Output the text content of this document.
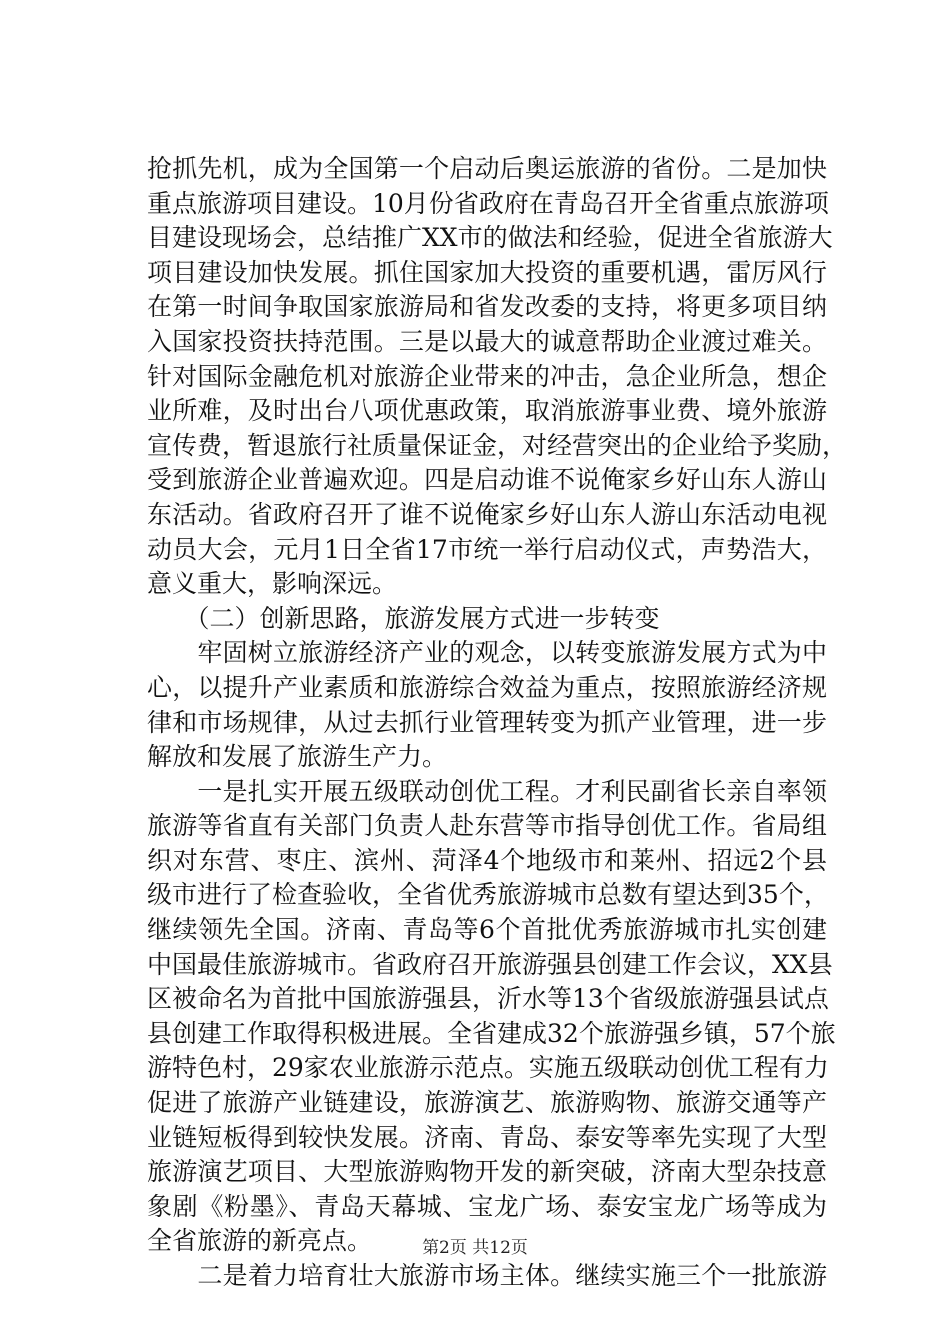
抢抓先机，成为全国第一个启动后奥运旅游的省份。二是加快
重点旅游项目建设。10月份省政府在青岛召开全省重点旅游项
目建设现场会，总结推广XX市的做法和经验，促进全省旅游大
项目建设加快发展。抓住国家加大投资的重要机遇，雷厉风行
在第一时间争取国家旅游局和省发改委的支持，将更多项目纳
入国家投资扶持范围。三是以最大的诚意帮助企业渡过难关。
针对国际金融危机对旅游企业带来的冲击，急企业所急，想企
业所难，及时出台八项优惠政策，取消旅游事业费、境外旅游
宣传费，暂退旅行社质量保证金，对经营突出的企业给予奖励，
受到旅游企业普遍欢迎。四是启动谁不说俺家乡好山东人游山
东活动。省政府召开了谁不说俺家乡好山东人游山东活动电视
动员大会，元月1日全省17市统一举行启动仪式，声势浩大，
意义重大，影响深远。
　　（二）创新思路，旅游发展方式进一步转变
　　牢固树立旅游经济产业的观念，以转变旅游发展方式为中
心，以提升产业素质和旅游综合效益为重点，按照旅游经济规
律和市场规律，从过去抓行业管理转变为抓产业管理，进一步
解放和发展了旅游生产力。
　　一是扎实开展五级联动创优工程。才利民副省长亲自率领
旅游等省直有关部门负责人赴东营等市指导创优工作。省局组
织对东营、枣庄、滨州、菏泽4个地级市和莱州、招远2个县
级市进行了检查验收，全省优秀旅游城市总数有望达到35个，
继续领先全国。济南、青岛等6个首批优秀旅游城市扎实创建
中国最佳旅游城市。省政府召开旅游强县创建工作会议，XX县
区被命名为首批中国旅游强县，沂水等13个省级旅游强县试点
县创建工作取得积极进展。全省建成32个旅游强乡镇，57个旅
游特色村，29家农业旅游示范点。实施五级联动创优工程有力
促进了旅游产业链建设，旅游演艺、旅游购物、旅游交通等产
业链短板得到较快发展。济南、青岛、泰安等率先实现了大型
旅游演艺项目、大型旅游购物开发的新突破，济南大型杂技意
象剧《粉墨》、青岛天幕城、宝龙广场、泰安宝龙广场等成为
全省旅游的新亮点。
　　二是着力培育壮大旅游市场主体。继续实施三个一批旅游
第2页 共12页
